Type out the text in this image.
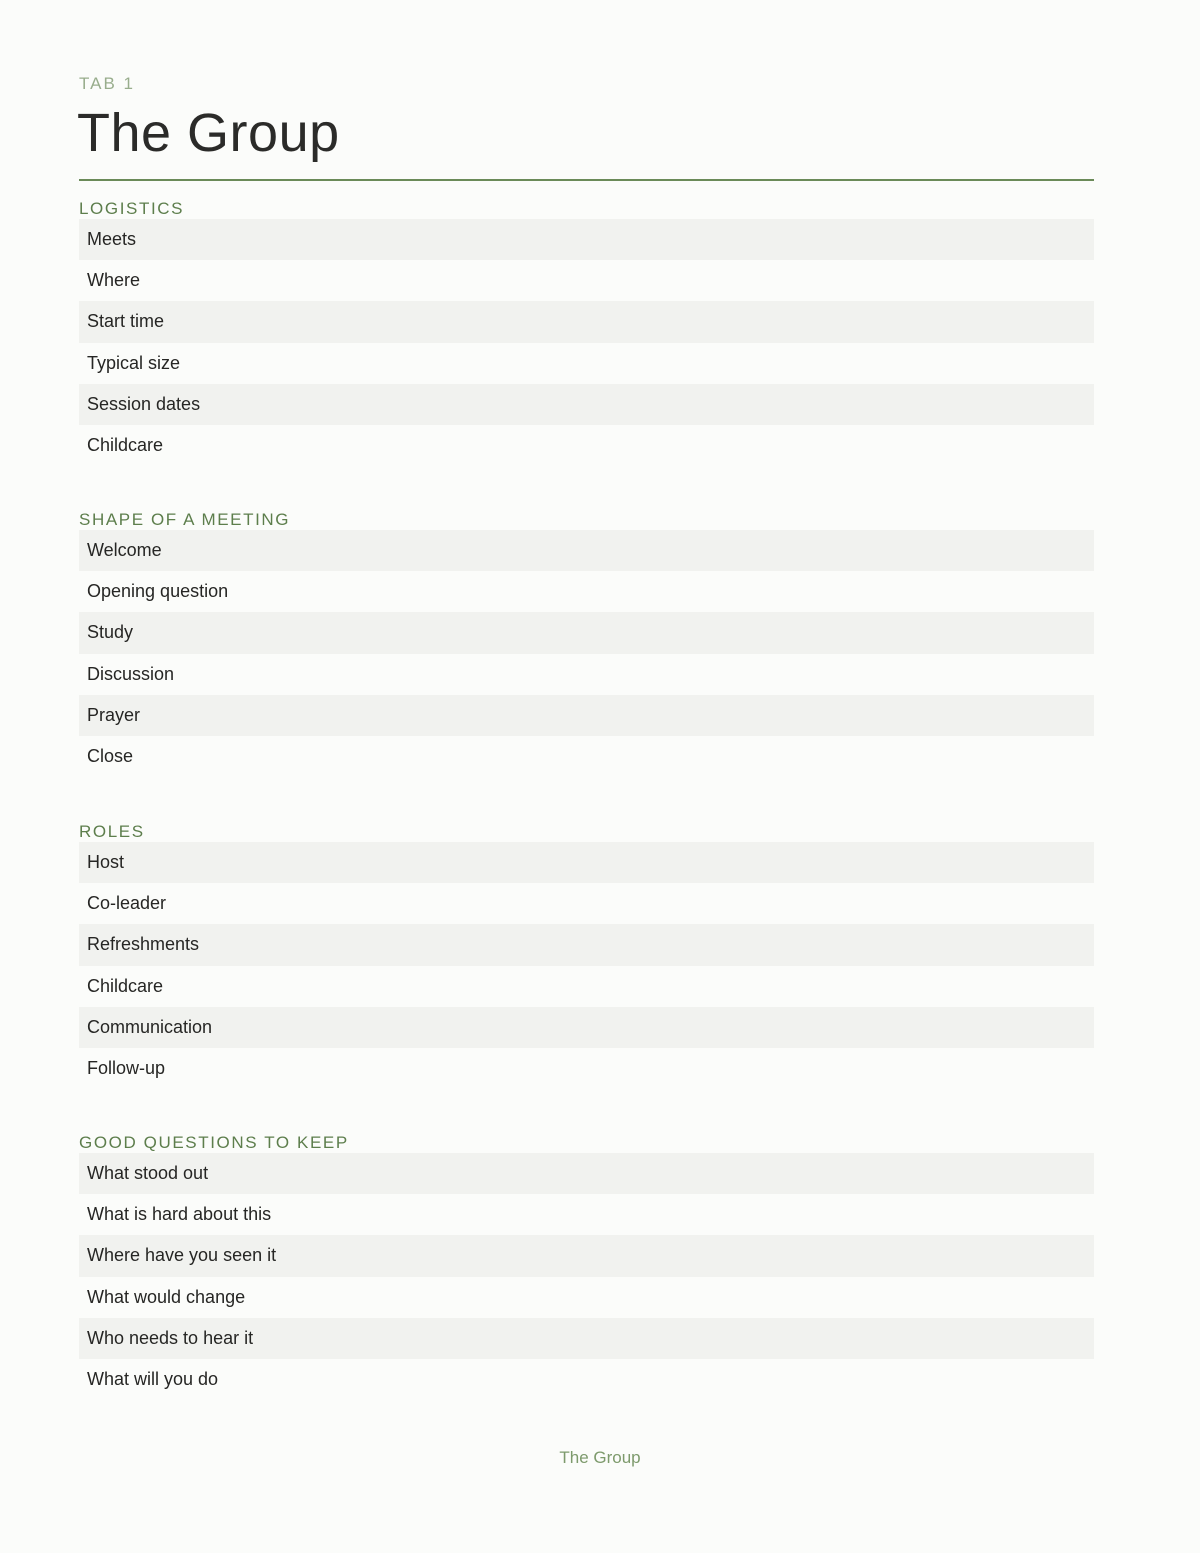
TAB 1
The Group
LOGISTICS
Meets
Where
Start time
Typical size
Session dates
Childcare
SHAPE OF A MEETING
Welcome
Opening question
Study
Discussion
Prayer
Close
ROLES
Host
Co-leader
Refreshments
Childcare
Communication
Follow-up
GOOD QUESTIONS TO KEEP
What stood out
What is hard about this
Where have you seen it
What would change
Who needs to hear it
What will you do
The Group
